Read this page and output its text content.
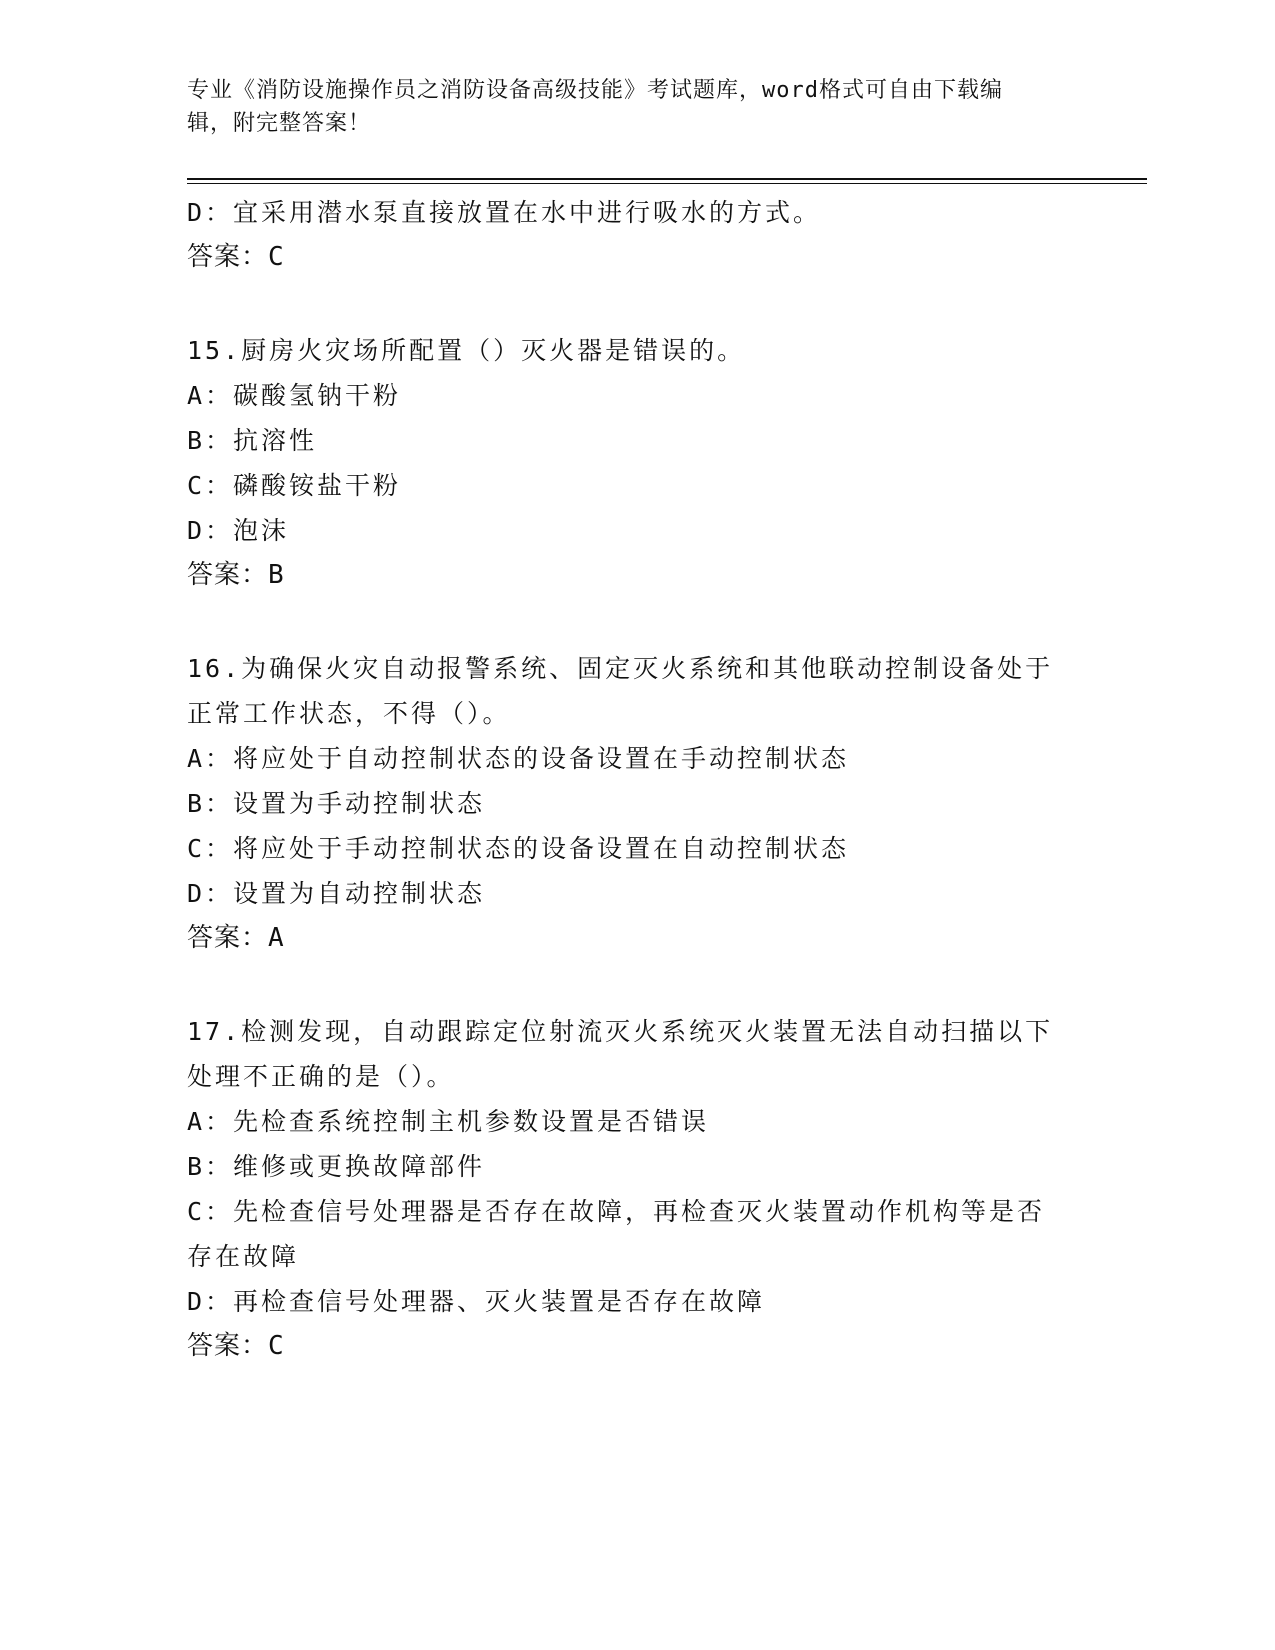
专业《消防设施操作员之消防设备高级技能》考试题库，word格式可自由下载编
辑，附完整答案！
D：宜采用潜水泵直接放置在水中进行吸水的方式。
答案：C
15.厨房火灾场所配置（）灭火器是错误的。
A：碳酸氢钠干粉
B：抗溶性
C：磷酸铵盐干粉
D：泡沫
答案：B
16.为确保火灾自动报警系统、固定灭火系统和其他联动控制设备处于
正常工作状态，不得（）。
A：将应处于自动控制状态的设备设置在手动控制状态
B：设置为手动控制状态
C：将应处于手动控制状态的设备设置在自动控制状态
D：设置为自动控制状态
答案：A
17.检测发现，自动跟踪定位射流灭火系统灭火装置无法自动扫描以下
处理不正确的是（）。
A：先检查系统控制主机参数设置是否错误
B：维修或更换故障部件
C：先检查信号处理器是否存在故障，再检查灭火装置动作机构等是否
存在故障
D：再检查信号处理器、灭火装置是否存在故障
答案：C
